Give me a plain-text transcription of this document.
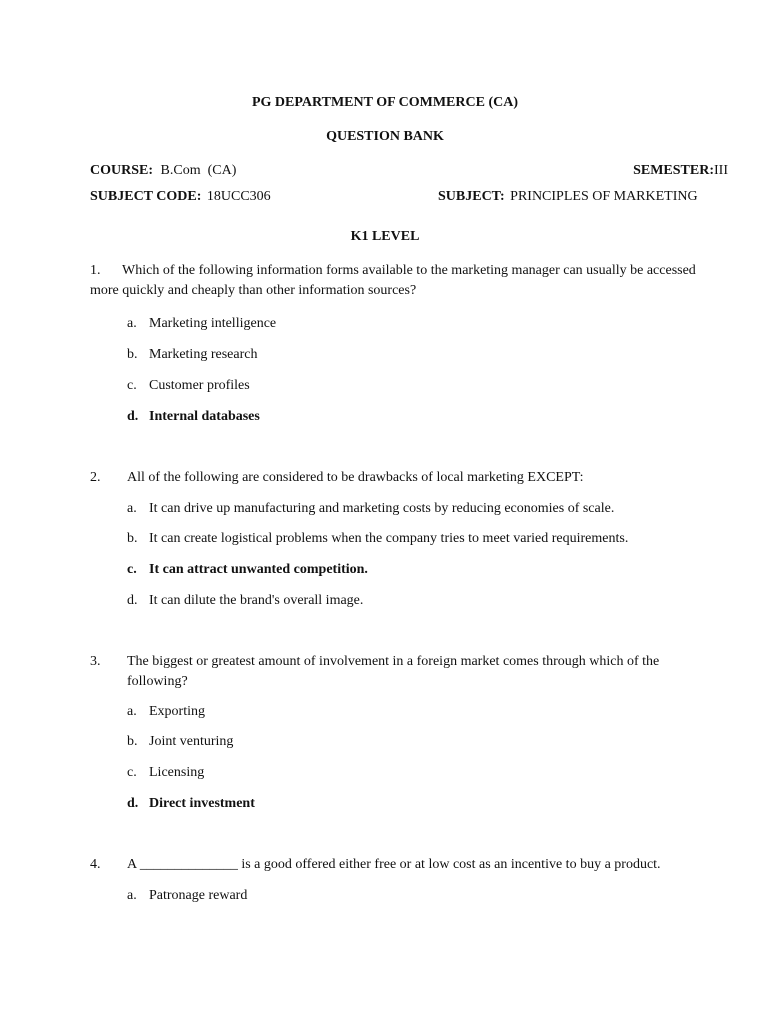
PG DEPARTMENT OF COMMERCE (CA)
QUESTION BANK
COURSE: B.Com  (CA)	SEMESTER:III
SUBJECT CODE: 18UCC306	SUBJECT: PRINCIPLES OF MARKETING
K1 LEVEL
1. Which of the following information forms available to the marketing manager can usually be accessed more quickly and cheaply than other information sources?
a. Marketing intelligence
b. Marketing research
c. Customer profiles
d. Internal databases
2. All of the following are considered to be drawbacks of local marketing EXCEPT:
a. It can drive up manufacturing and marketing costs by reducing economies of scale.
b. It can create logistical problems when the company tries to meet varied requirements.
c. It can attract unwanted competition.
d. It can dilute the brand's overall image.
3. The biggest or greatest amount of involvement in a foreign market comes through which of the following?
a. Exporting
b. Joint venturing
c. Licensing
d. Direct investment
4. A ______________ is a good offered either free or at low cost as an incentive to buy a product.
a. Patronage reward
